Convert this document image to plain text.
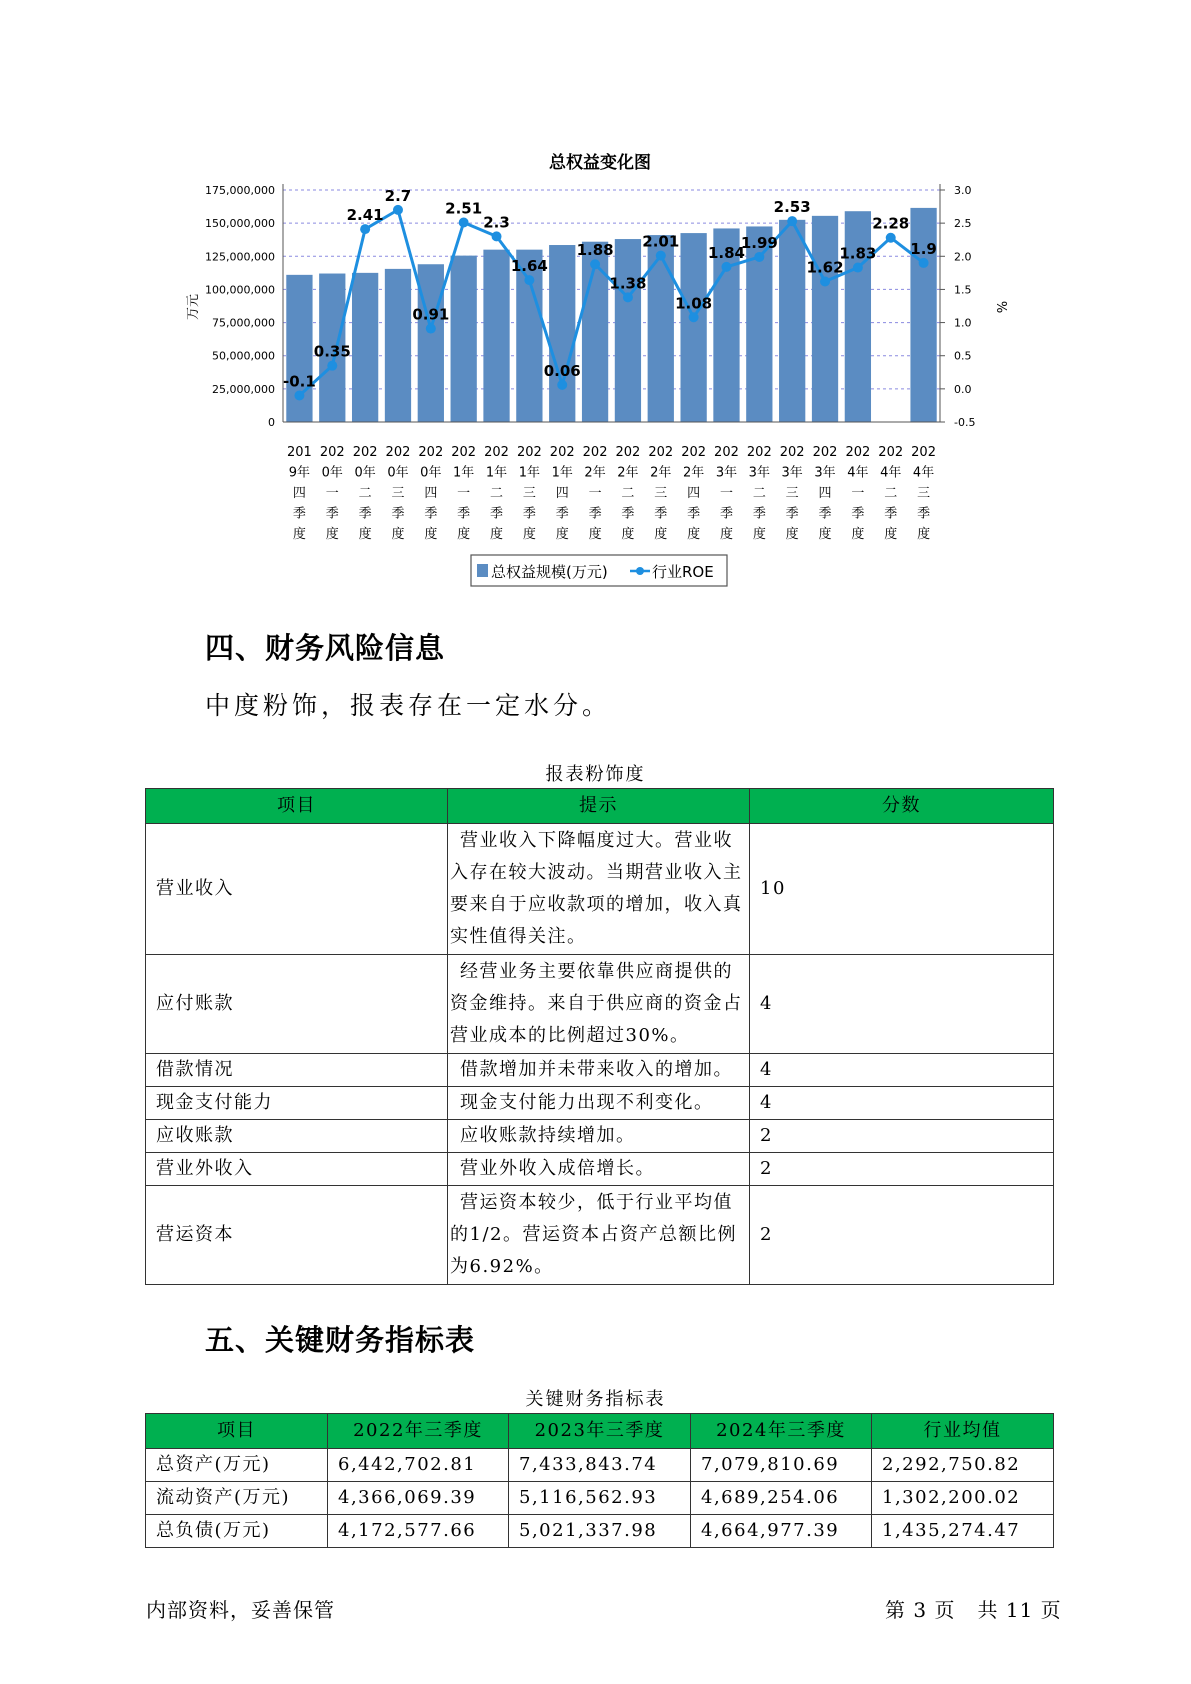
总权益变化图
-0.1
0.35
2.41
2.7
0.91
2.51
2.3
1.64
0.06
1.88
1.38
2.01
1.08
1.84
1.99
2.53
1.62
1.83
2.28
1.9
0
25,000,000
50,000,000
75,000,000
100,000,000
125,000,000
150,000,000
175,000,000
-0.5
0.0
0.5
1.0
1.5
2.0
2.5
3.0
201
9年
四
季
度
202
0年
一
季
度
202
0年
二
季
度
202
0年
三
季
度
202
0年
四
季
度
202
1年
一
季
度
202
1年
二
季
度
202
1年
三
季
度
202
1年
四
季
度
202
2年
一
季
度
202
2年
二
季
度
202
2年
三
季
度
202
2年
四
季
度
202
3年
一
季
度
202
3年
二
季
度
202
3年
三
季
度
202
3年
四
季
度
202
4年
一
季
度
202
4年
二
季
度
202
4年
三
季
度
万元	%
总权益规模(万元)	行业ROE
四、财务风险信息
中度粉饰，报表存在一定水分。
报表粉饰度
项目	提示	分数
营业收入	营业收入下降幅度过大。营业收入存在较大波动。当期营业收入主要来自于应收款项的增加，收入真实性值得关注。	10
应付账款	经营业务主要依靠供应商提供的资金维持。来自于供应商的资金占营业成本的比例超过30%。	4
借款情况	借款增加并未带来收入的增加。	4
现金支付能力	现金支付能力出现不利变化。	4
应收账款	应收账款持续增加。	2
营业外收入	营业外收入成倍增长。	2
营运资本	营运资本较少，低于行业平均值的1/2。营运资本占资产总额比例为6.92%。	2
五、关键财务指标表
关键财务指标表
项目	2022年三季度	2023年三季度	2024年三季度	行业均值
总资产(万元)	6,442,702.81	7,433,843.74	7,079,810.69	2,292,750.82
流动资产(万元)	4,366,069.39	5,116,562.93	4,689,254.06	1,302,200.02
总负债(万元)	4,172,577.66	5,021,337.98	4,664,977.39	1,435,274.47
内部资料，妥善保管	第 3 页   共 11 页
